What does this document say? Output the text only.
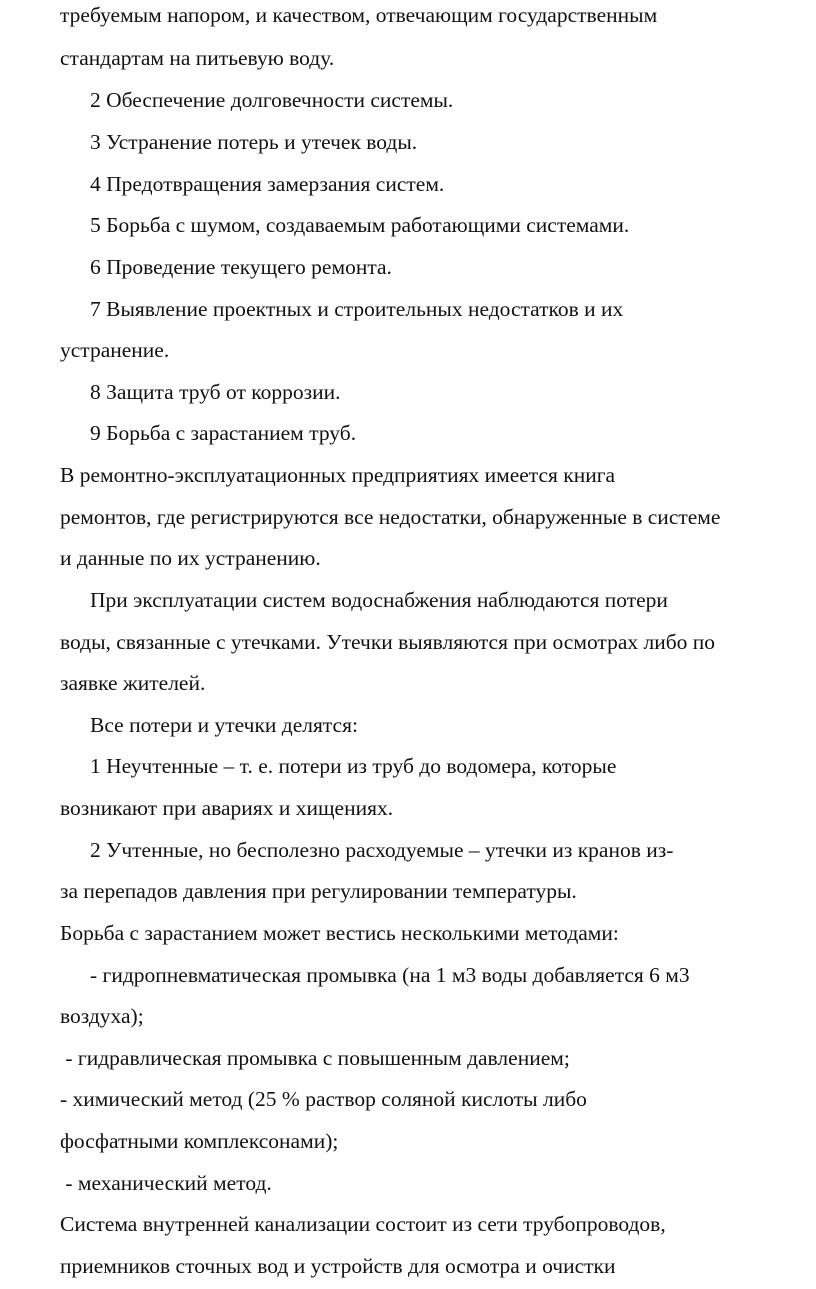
требуемым напором, и качеством, отвечающим государственным
стандартам на питьевую воду.
2 Обеспечение долговечности системы.
3 Устранение потерь и утечек воды.
4 Предотвращения замерзания систем.
5 Борьба с шумом, создаваемым работающими системами.
6 Проведение текущего ремонта.
7 Выявление проектных и строительных недостатков и их
устранение.
8 Защита труб от коррозии.
9 Борьба с зарастанием труб.
В ремонтно-эксплуатационных предприятиях имеется книга
ремонтов, где регистрируются все недостатки, обнаруженные в системе
и данные по их устранению.
При эксплуатации систем водоснабжения наблюдаются потери
воды, связанные с утечками. Утечки выявляются при осмотрах либо по
заявке жителей.
Все потери и утечки делятся:
1 Неучтенные – т. е. потери из труб до водомера, которые
возникают при авариях и хищениях.
2 Учтенные, но бесполезно расходуемые – утечки из кранов из-
за перепадов давления при регулировании температуры.
Борьба с зарастанием может вестись несколькими методами:
- гидропневматическая промывка (на 1 м3 воды добавляется 6 м3
воздуха);
- гидравлическая промывка с повышенным давлением;
- химический метод (25 % раствор соляной кислоты либо
фосфатными комплексонами);
- механический метод.
Система внутренней канализации состоит из сети трубопроводов,
приемников сточных вод и устройств для осмотра и очистки
